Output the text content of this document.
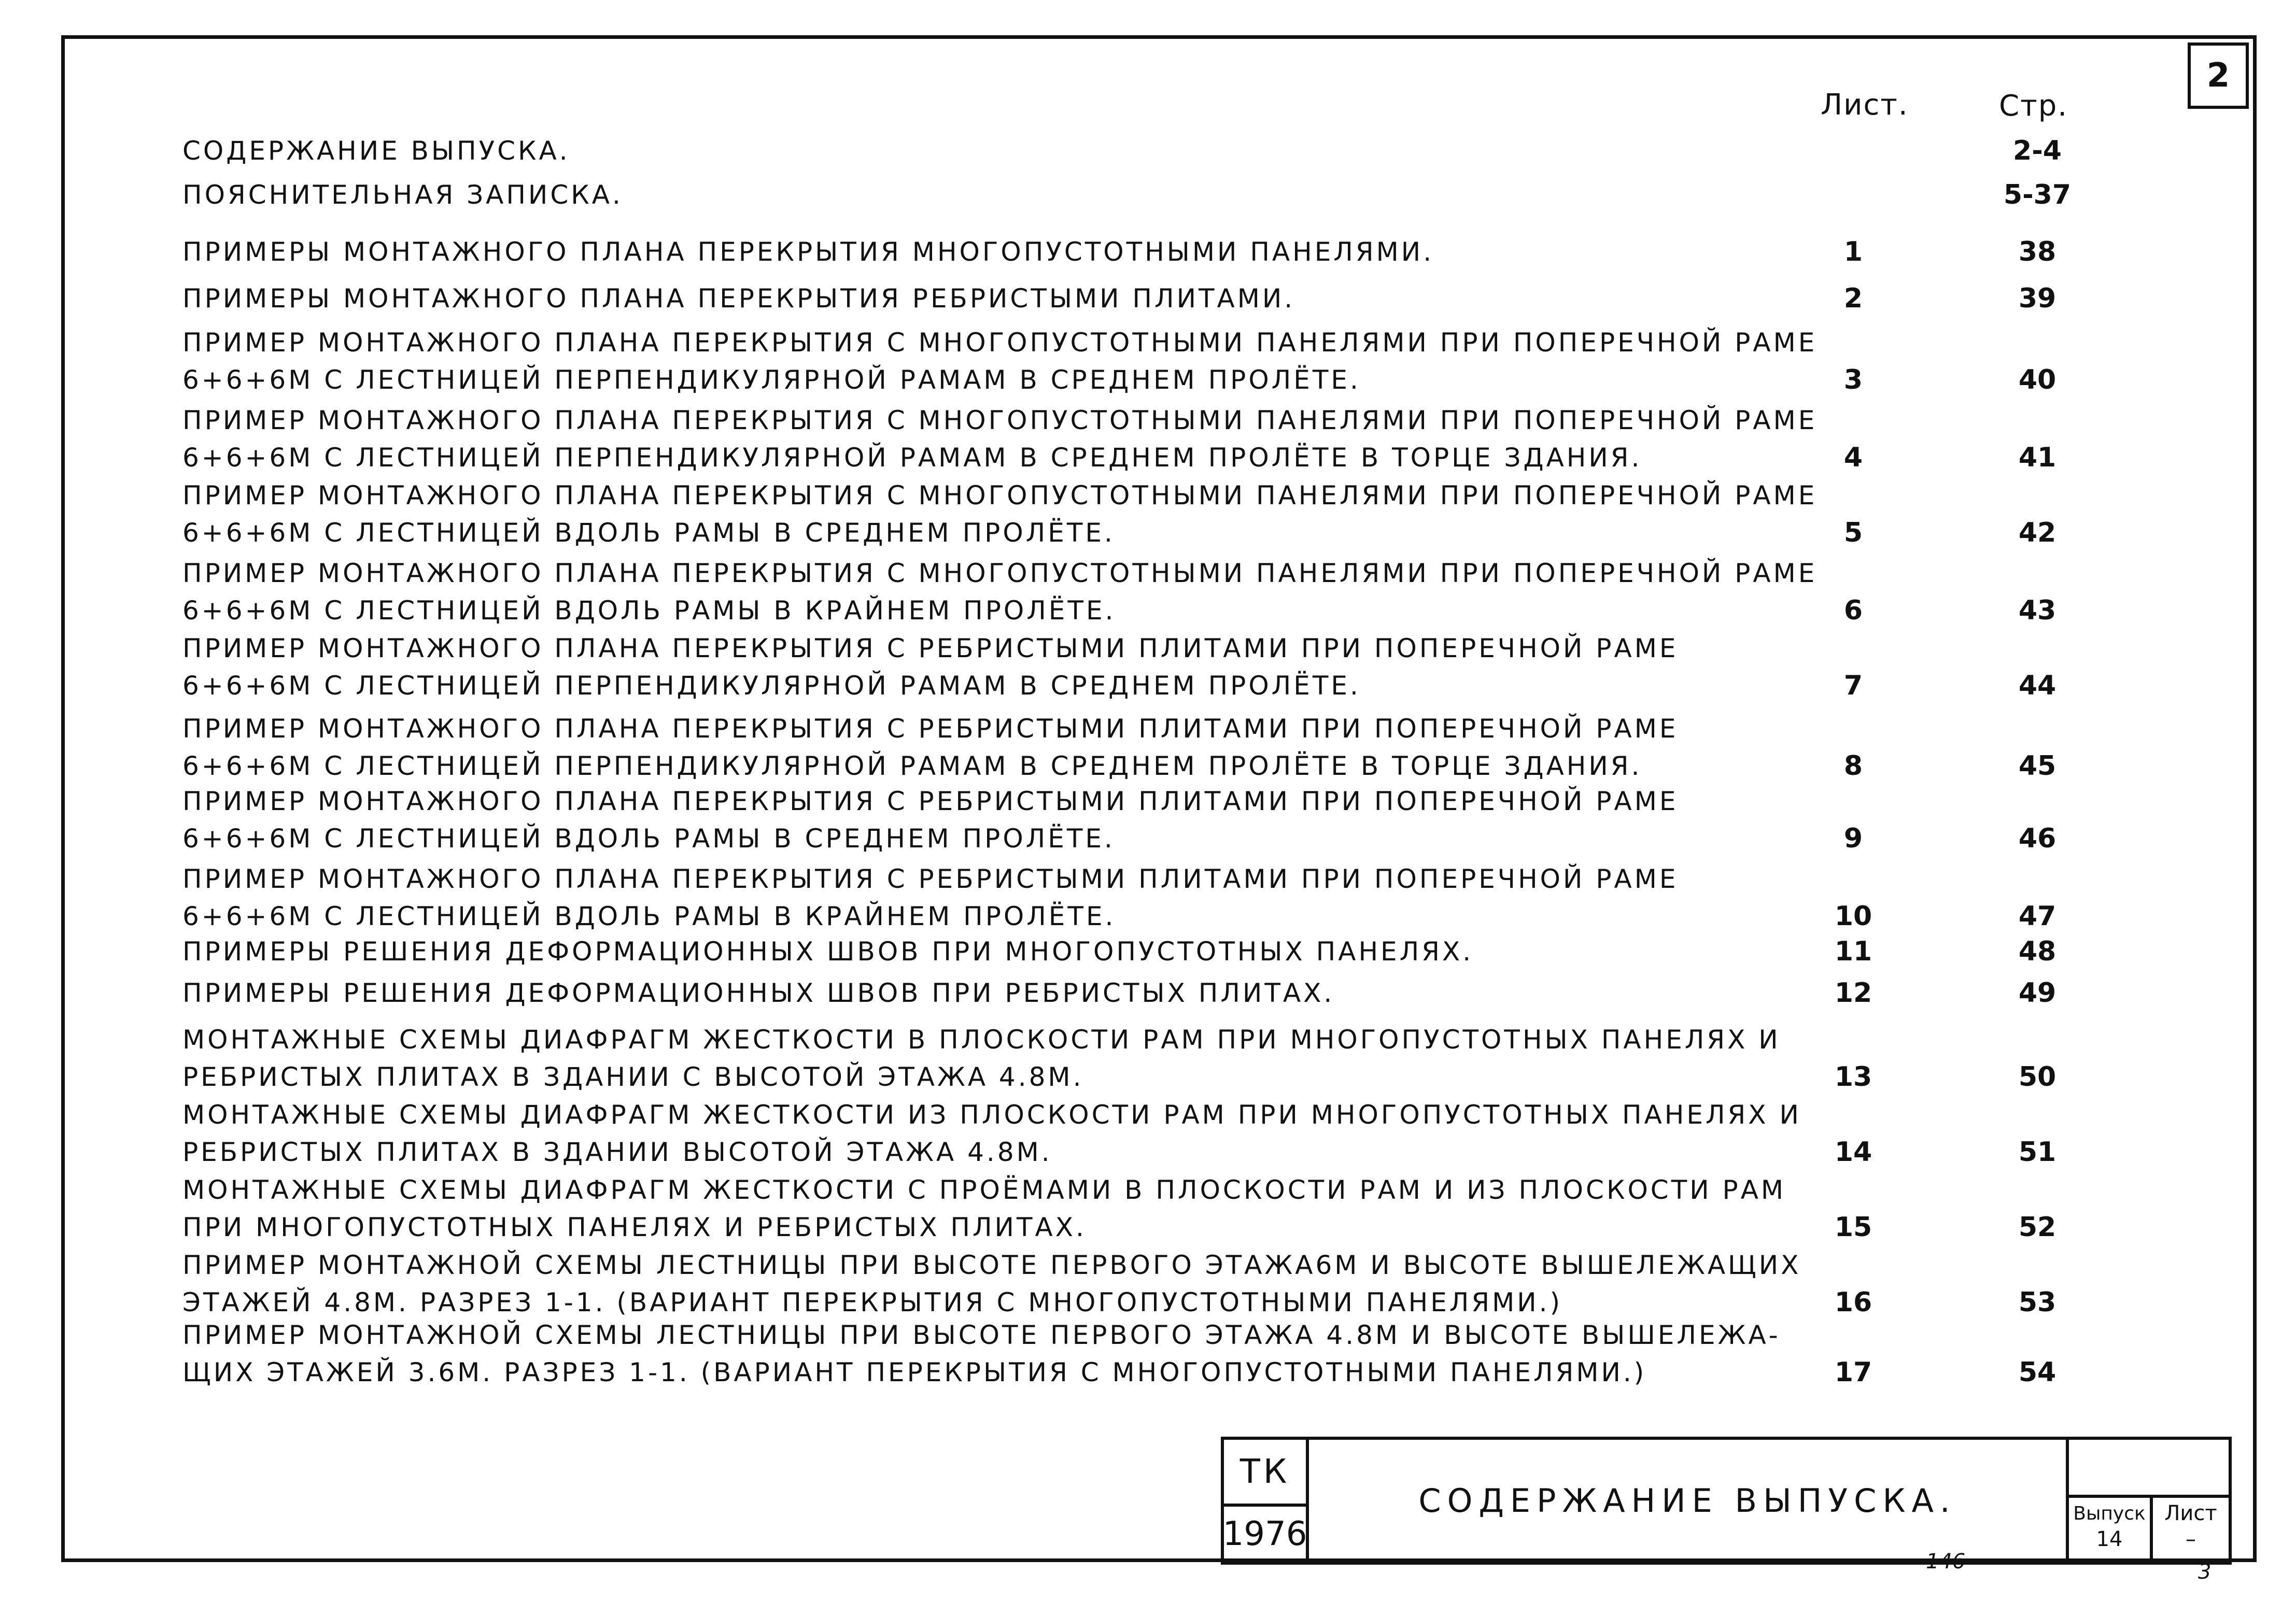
2
Лист.	Стр.
СОДЕРЖАНИЕ ВЫПУСКА.	2-4
ПОЯСНИТЕЛЬНАЯ ЗАПИСКА.	5-37
ПРИМЕРЫ МОНТАЖНОГО ПЛАНА ПЕРЕКРЫТИЯ МНОГОПУСТОТНЫМИ ПАНЕЛЯМИ.	1	38
ПРИМЕРЫ МОНТАЖНОГО ПЛАНА ПЕРЕКРЫТИЯ РЕБРИСТЫМИ ПЛИТАМИ.	2	39
ПРИМЕР МОНТАЖНОГО ПЛАНА ПЕРЕКРЫТИЯ С МНОГОПУСТОТНЫМИ ПАНЕЛЯМИ ПРИ ПОПЕРЕЧНОЙ РАМЕ
6+6+6М С ЛЕСТНИЦЕЙ ПЕРПЕНДИКУЛЯРНОЙ РАМАМ В СРЕДНЕМ ПРОЛЁТЕ.	3	40
ПРИМЕР МОНТАЖНОГО ПЛАНА ПЕРЕКРЫТИЯ С МНОГОПУСТОТНЫМИ ПАНЕЛЯМИ ПРИ ПОПЕРЕЧНОЙ РАМЕ
6+6+6М С ЛЕСТНИЦЕЙ ПЕРПЕНДИКУЛЯРНОЙ РАМАМ В СРЕДНЕМ ПРОЛЁТЕ В ТОРЦЕ ЗДАНИЯ.	4	41
ПРИМЕР МОНТАЖНОГО ПЛАНА ПЕРЕКРЫТИЯ С МНОГОПУСТОТНЫМИ ПАНЕЛЯМИ ПРИ ПОПЕРЕЧНОЙ РАМЕ
6+6+6М С ЛЕСТНИЦЕЙ ВДОЛЬ РАМЫ В СРЕДНЕМ ПРОЛЁТЕ.	5	42
ПРИМЕР МОНТАЖНОГО ПЛАНА ПЕРЕКРЫТИЯ С МНОГОПУСТОТНЫМИ ПАНЕЛЯМИ ПРИ ПОПЕРЕЧНОЙ РАМЕ
6+6+6М С ЛЕСТНИЦЕЙ ВДОЛЬ РАМЫ В КРАЙНЕМ ПРОЛЁТЕ.	6	43
ПРИМЕР МОНТАЖНОГО ПЛАНА ПЕРЕКРЫТИЯ С РЕБРИСТЫМИ ПЛИТАМИ ПРИ ПОПЕРЕЧНОЙ РАМЕ
6+6+6М С ЛЕСТНИЦЕЙ ПЕРПЕНДИКУЛЯРНОЙ РАМАМ В СРЕДНЕМ ПРОЛЁТЕ.	7	44
ПРИМЕР МОНТАЖНОГО ПЛАНА ПЕРЕКРЫТИЯ С РЕБРИСТЫМИ ПЛИТАМИ ПРИ ПОПЕРЕЧНОЙ РАМЕ
6+6+6М С ЛЕСТНИЦЕЙ ПЕРПЕНДИКУЛЯРНОЙ РАМАМ В СРЕДНЕМ ПРОЛЁТЕ В ТОРЦЕ ЗДАНИЯ.	8	45
ПРИМЕР МОНТАЖНОГО ПЛАНА ПЕРЕКРЫТИЯ С РЕБРИСТЫМИ ПЛИТАМИ ПРИ ПОПЕРЕЧНОЙ РАМЕ
6+6+6М С ЛЕСТНИЦЕЙ ВДОЛЬ РАМЫ В СРЕДНЕМ ПРОЛЁТЕ.	9	46
ПРИМЕР МОНТАЖНОГО ПЛАНА ПЕРЕКРЫТИЯ С РЕБРИСТЫМИ ПЛИТАМИ ПРИ ПОПЕРЕЧНОЙ РАМЕ
6+6+6М С ЛЕСТНИЦЕЙ ВДОЛЬ РАМЫ В КРАЙНЕМ ПРОЛЁТЕ.	10	47
ПРИМЕРЫ РЕШЕНИЯ ДЕФОРМАЦИОННЫХ ШВОВ ПРИ МНОГОПУСТОТНЫХ ПАНЕЛЯХ.	11	48
ПРИМЕРЫ РЕШЕНИЯ ДЕФОРМАЦИОННЫХ ШВОВ ПРИ РЕБРИСТЫХ ПЛИТАХ.	12	49
МОНТАЖНЫЕ СХЕМЫ ДИАФРАГМ ЖЕСТКОСТИ В ПЛОСКОСТИ РАМ ПРИ МНОГОПУСТОТНЫХ ПАНЕЛЯХ И
РЕБРИСТЫХ ПЛИТАХ В ЗДАНИИ С ВЫСОТОЙ ЭТАЖА 4.8М.	13	50
МОНТАЖНЫЕ СХЕМЫ ДИАФРАГМ ЖЕСТКОСТИ ИЗ ПЛОСКОСТИ РАМ ПРИ МНОГОПУСТОТНЫХ ПАНЕЛЯХ И
РЕБРИСТЫХ ПЛИТАХ В ЗДАНИИ ВЫСОТОЙ ЭТАЖА 4.8М.	14	51
МОНТАЖНЫЕ СХЕМЫ ДИАФРАГМ ЖЕСТКОСТИ С ПРОЁМАМИ В ПЛОСКОСТИ РАМ И ИЗ ПЛОСКОСТИ РАМ
ПРИ МНОГОПУСТОТНЫХ ПАНЕЛЯХ И РЕБРИСТЫХ ПЛИТАХ.	15	52
ПРИМЕР МОНТАЖНОЙ СХЕМЫ ЛЕСТНИЦЫ ПРИ ВЫСОТЕ ПЕРВОГО ЭТАЖА6М И ВЫСОТЕ ВЫШЕЛЕЖАЩИХ
ЭТАЖЕЙ 4.8М. РАЗРЕЗ 1-1. (ВАРИАНТ ПЕРЕКРЫТИЯ С МНОГОПУСТОТНЫМИ ПАНЕЛЯМИ.)	16	53
ПРИМЕР МОНТАЖНОЙ СХЕМЫ ЛЕСТНИЦЫ ПРИ ВЫСОТЕ ПЕРВОГО ЭТАЖА 4.8М И ВЫСОТЕ ВЫШЕЛЕЖА-
ЩИХ ЭТАЖЕЙ 3.6М. РАЗРЕЗ 1-1. (ВАРИАНТ ПЕРЕКРЫТИЯ С МНОГОПУСТОТНЫМИ ПАНЕЛЯМИ.)	17	54
ТК
1976
СОДЕРЖАНИЕ ВЫПУСКА.	Выпуск
14
Лист
–
146	3
